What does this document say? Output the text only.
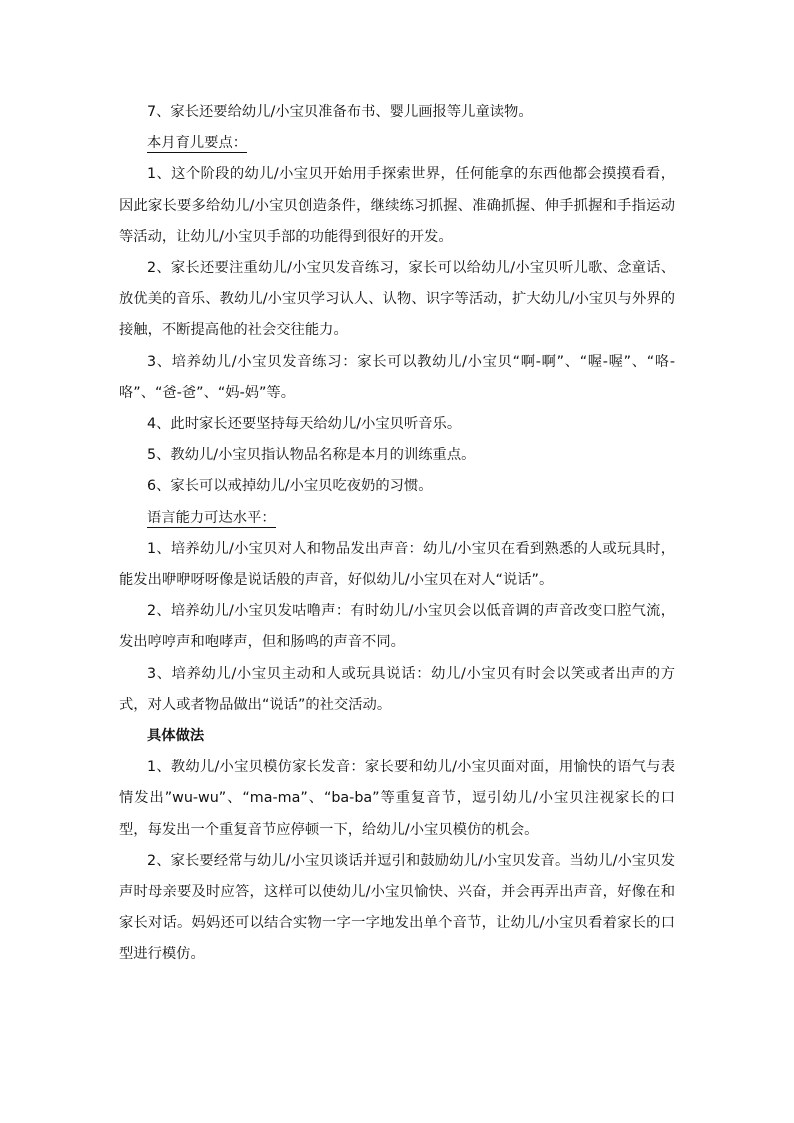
7、家长还要给幼儿/小宝贝准备布书、婴儿画报等儿童读物。

本月育儿要点：

1、这个阶段的幼儿/小宝贝开始用手探索世界，任何能拿的东西他都会摸摸看看，因此家长要多给幼儿/小宝贝创造条件，继续练习抓握、准确抓握、伸手抓握和手指运动等活动，让幼儿/小宝贝手部的功能得到很好的开发。

2、家长还要注重幼儿/小宝贝发音练习，家长可以给幼儿/小宝贝听儿歌、念童话、放优美的音乐、教幼儿/小宝贝学习认人、认物、识字等活动，扩大幼儿/小宝贝与外界的接触，不断提高他的社会交往能力。

3、培养幼儿/小宝贝发音练习：家长可以教幼儿/小宝贝“啊-啊”、“喔-喔”、“咯-咯”、“爸-爸”、“妈-妈”等。

4、此时家长还要坚持每天给幼儿/小宝贝听音乐。

5、教幼儿/小宝贝指认物品名称是本月的训练重点。

6、家长可以戒掉幼儿/小宝贝吃夜奶的习惯。

语言能力可达水平：

1、培养幼儿/小宝贝对人和物品发出声音：幼儿/小宝贝在看到熟悉的人或玩具时，能发出咿咿呀呀像是说话般的声音，好似幼儿/小宝贝在对人“说话”。

2、培养幼儿/小宝贝发咕噜声：有时幼儿/小宝贝会以低音调的声音改变口腔气流，发出哼哼声和咆哮声，但和肠鸣的声音不同。

3、培养幼儿/小宝贝主动和人或玩具说话：幼儿/小宝贝有时会以笑或者出声的方式，对人或者物品做出“说话”的社交活动。

具体做法

1、教幼儿/小宝贝模仿家长发音：家长要和幼儿/小宝贝面对面，用愉快的语气与表情发出”wu-wu”、“ma-ma”、“ba-ba”等重复音节，逗引幼儿/小宝贝注视家长的口型，每发出一个重复音节应停顿一下，给幼儿/小宝贝模仿的机会。

2、家长要经常与幼儿/小宝贝谈话并逗引和鼓励幼儿/小宝贝发音。当幼儿/小宝贝发声时母亲要及时应答，这样可以使幼儿/小宝贝愉快、兴奋，并会再弄出声音，好像在和家长对话。妈妈还可以结合实物一字一字地发出单个音节，让幼儿/小宝贝看着家长的口型进行模仿。
